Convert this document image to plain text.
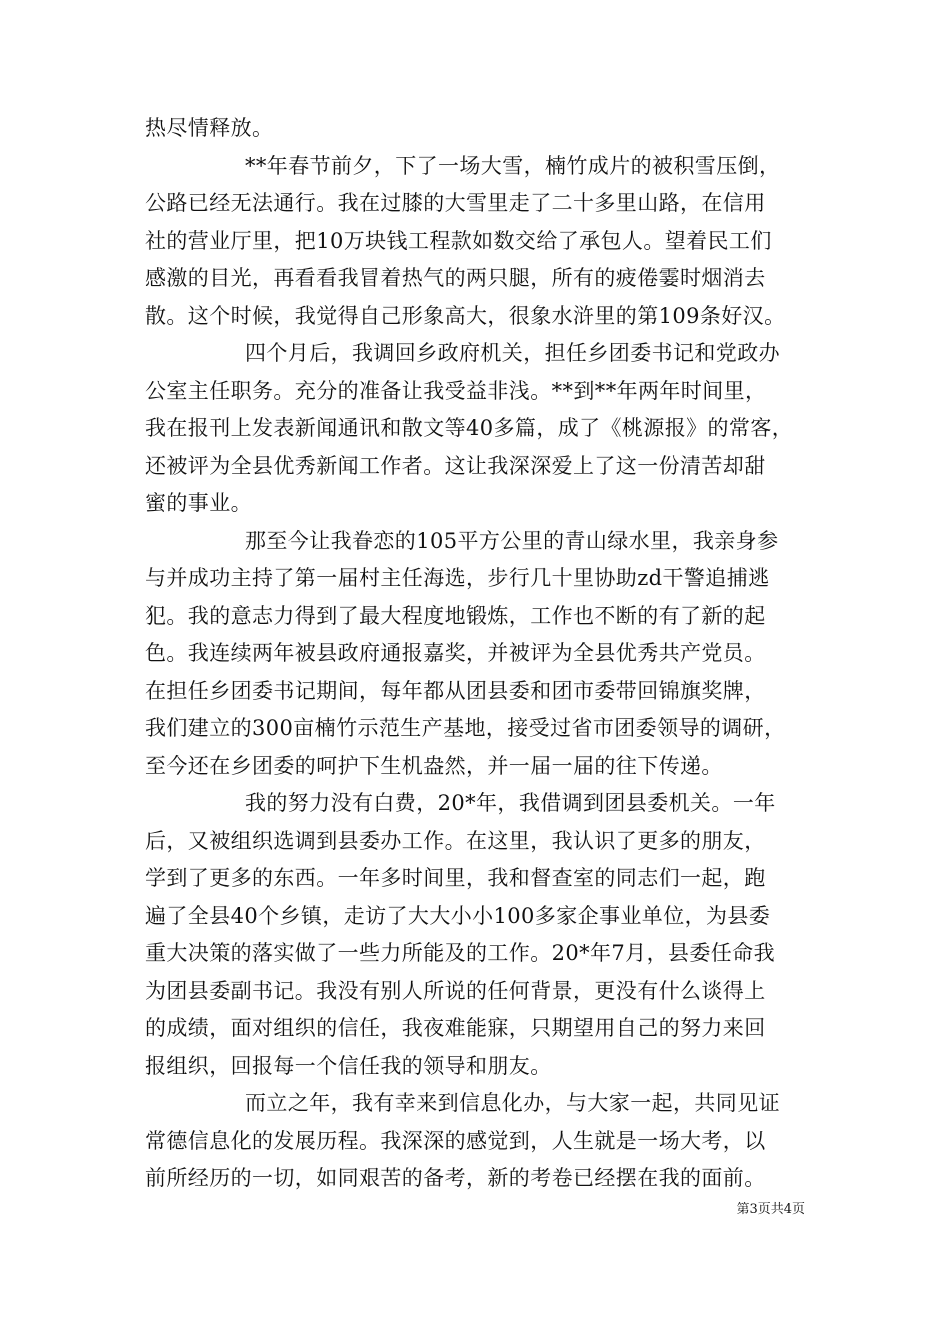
热尽情释放。
**年春节前夕，下了一场大雪，楠竹成片的被积雪压倒，
公路已经无法通行。我在过膝的大雪里走了二十多里山路，在信用
社的营业厅里，把10万块钱工程款如数交给了承包人。望着民工们
感激的目光，再看看我冒着热气的两只腿，所有的疲倦霎时烟消去
散。这个时候，我觉得自己形象高大，很象水浒里的第109条好汉。
四个月后，我调回乡政府机关，担任乡团委书记和党政办
公室主任职务。充分的准备让我受益非浅。**到**年两年时间里，
我在报刊上发表新闻通讯和散文等40多篇，成了《桃源报》的常客，
还被评为全县优秀新闻工作者。这让我深深爱上了这一份清苦却甜
蜜的事业。
那至今让我眷恋的105平方公里的青山绿水里，我亲身参
与并成功主持了第一届村主任海选，步行几十里协助zd干警追捕逃
犯。我的意志力得到了最大程度地锻炼，工作也不断的有了新的起
色。我连续两年被县政府通报嘉奖，并被评为全县优秀共产党员。
在担任乡团委书记期间，每年都从团县委和团市委带回锦旗奖牌，
我们建立的300亩楠竹示范生产基地，接受过省市团委领导的调研，
至今还在乡团委的呵护下生机盎然，并一届一届的往下传递。
我的努力没有白费，20*年，我借调到团县委机关。一年
后，又被组织选调到县委办工作。在这里，我认识了更多的朋友，
学到了更多的东西。一年多时间里，我和督查室的同志们一起，跑
遍了全县40个乡镇，走访了大大小小100多家企事业单位，为县委
重大决策的落实做了一些力所能及的工作。20*年7月，县委任命我
为团县委副书记。我没有别人所说的任何背景，更没有什么谈得上
的成绩，面对组织的信任，我夜难能寐，只期望用自己的努力来回
报组织，回报每一个信任我的领导和朋友。
而立之年，我有幸来到信息化办，与大家一起，共同见证
常德信息化的发展历程。我深深的感觉到，人生就是一场大考，以
前所经历的一切，如同艰苦的备考，新的考卷已经摆在我的面前。
第3页共4页
